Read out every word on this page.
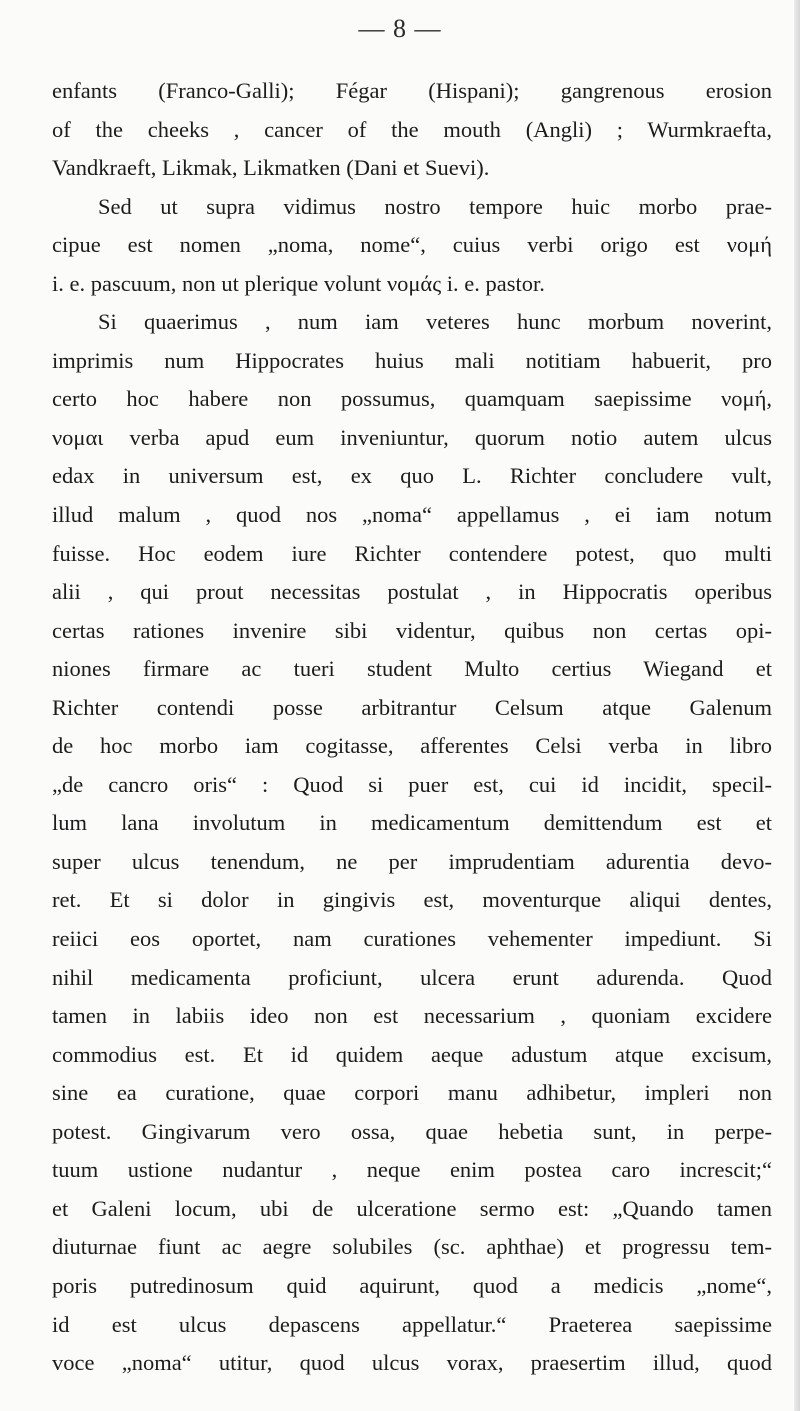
— 8 —
enfants (Franco-Galli); Fégar (Hispani); gangrenous erosion
of the cheeks , cancer of the mouth (Angli) ; Wurmkraefta,
Vandkraeft, Likmak, Likmatken (Dani et Suevi).
Sed ut supra vidimus nostro tempore huic morbo prae-
cipue est nomen „noma, nome“, cuius verbi origo est νομή
i. e. pascuum, non ut plerique volunt νομάς i. e. pastor.
Si quaerimus , num iam veteres hunc morbum noverint,
imprimis num Hippocrates huius mali notitiam habuerit, pro
certo hoc habere non possumus, quamquam saepissime νομή,
νομαι verba apud eum inveniuntur, quorum notio autem ulcus
edax in universum est, ex quo L. Richter concludere vult,
illud malum , quod nos „noma“ appellamus , ei iam notum
fuisse. Hoc eodem iure Richter contendere potest, quo multi
alii , qui prout necessitas postulat , in Hippocratis operibus
certas rationes invenire sibi videntur, quibus non certas opi-
niones firmare ac tueri student Multo certius Wiegand et
Richter contendi posse arbitrantur Celsum atque Galenum
de hoc morbo iam cogitasse, afferentes Celsi verba in libro
„de cancro oris“ : Quod si puer est, cui id incidit, specil-
lum lana involutum in medicamentum demittendum est et
super ulcus tenendum, ne per imprudentiam adurentia devo-
ret. Et si dolor in gingivis est, moventurque aliqui dentes,
reiici eos oportet, nam curationes vehementer impediunt. Si
nihil medicamenta proficiunt, ulcera erunt adurenda. Quod
tamen in labiis ideo non est necessarium , quoniam excidere
commodius est. Et id quidem aeque adustum atque excisum,
sine ea curatione, quae corpori manu adhibetur, impleri non
potest. Gingivarum vero ossa, quae hebetia sunt, in perpe-
tuum ustione nudantur , neque enim postea caro increscit;“
et Galeni locum, ubi de ulceratione sermo est: „Quando tamen
diuturnae fiunt ac aegre solubiles (sc. aphthae) et progressu tem-
poris putredinosum quid aquirunt, quod a medicis „nome“,
id est ulcus depascens appellatur.“ Praeterea saepissime
voce „noma“ utitur, quod ulcus vorax, praesertim illud, quod
